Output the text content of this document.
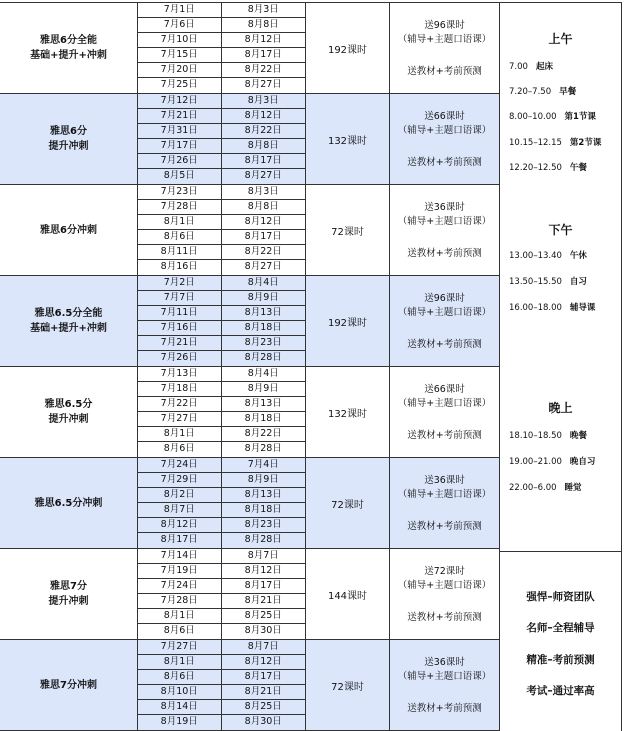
雅思6分全能
基础+提升+冲刺
7月1日	8月3日
7月6日	8月8日
7月10日	8月12日
7月15日	8月17日
7月20日	8月22日
7月25日	8月27日
192课时
送96课时
（辅导+主题口语课）
送教材+考前预测
雅思6分
提升冲刺
7月12日	8月3日
7月21日	8月12日
7月31日	8月22日
7月17日	8月8日
7月26日	8月17日
8月5日	8月27日
132课时
送66课时
（辅导+主题口语课）
送教材+考前预测
雅思6分冲刺
7月23日	8月3日
7月28日	8月8日
8月1日	8月12日
8月6日	8月17日
8月11日	8月22日
8月16日	8月27日
72课时
送36课时
（辅导+主题口语课）
送教材+考前预测
雅思6.5分全能
基础+提升+冲刺
7月2日	8月4日
7月7日	8月9日
7月11日	8月13日
7月16日	8月18日
7月21日	8月23日
7月26日	8月28日
192课时
送96课时
（辅导+主题口语课）
送教材+考前预测
雅思6.5分
提升冲刺
7月13日	8月4日
7月18日	8月9日
7月22日	8月13日
7月27日	8月18日
8月1日	8月22日
8月6日	8月28日
132课时
送66课时
（辅导+主题口语课）
送教材+考前预测
雅思6.5分冲刺
7月24日	7月4日
7月29日	8月9日
8月2日	8月13日
8月7日	8月18日
8月12日	8月23日
8月17日	8月28日
72课时
送36课时
（辅导+主题口语课）
送教材+考前预测
雅思7分
提升冲刺
7月14日	8月7日
7月19日	8月12日
7月24日	8月17日
7月28日	8月21日
8月1日	8月25日
8月6日	8月30日
144课时
送72课时
（辅导+主题口语课）
送教材+考前预测
雅思7分冲刺
7月27日	8月7日
8月1日	8月12日
8月6日	8月17日
8月10日	8月21日
8月14日	8月25日
8月19日	8月30日
72课时
送36课时
（辅导+主题口语课）
送教材+考前预测
上午
7.00 起床
7.20–7.50 早餐
8.00–10.00 第1节课
10.15–12.15 第2节课
12.20–12.50 午餐
下午
13.00–13.40 午休
13.50–15.50 自习
16.00–18.00 辅导课
晚上
18.10–18.50 晚餐
19.00–21.00 晚自习
22.00–6.00 睡觉
强悍–师资团队
名师–全程辅导
精准–考前预测
考试–通过率高
